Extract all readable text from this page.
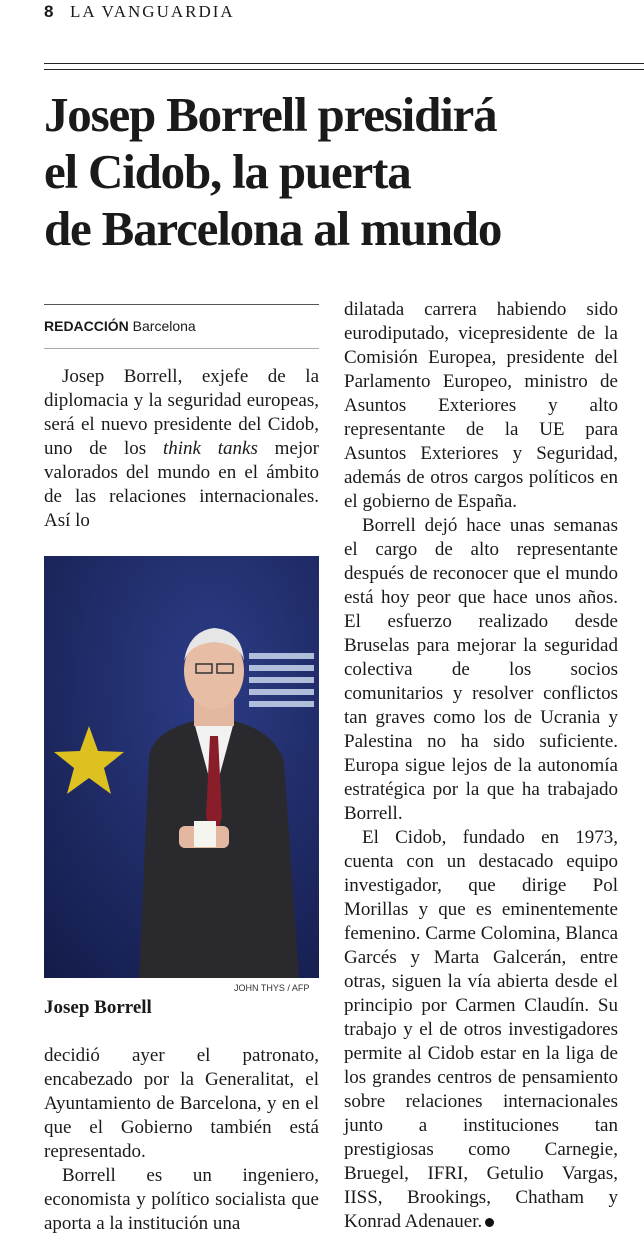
8 LA VANGUARDIA
Josep Borrell presidirá
el Cidob, la puerta
de Barcelona al mundo
REDACCIÓN Barcelona

Josep Borrell, exjefe de la diplomacia y la seguridad europeas, será el nuevo presidente del Cidob, uno de los think tanks mejor valorados del mundo en el ámbito de las relaciones internacionales. Así lo

JOHN THYS / AFP
Josep Borrell

decidió ayer el patronato, encabezado por la Generalitat, el Ayuntamiento de Barcelona, y en el que el Gobierno también está representado.

Borrell es un ingeniero, economista y político socialista que aporta a la institución una

dilatada carrera habiendo sido eurodiputado, vicepresidente de la Comisión Europea, presidente del Parlamento Europeo, ministro de Asuntos Exteriores y alto representante de la UE para Asuntos Exteriores y Seguridad, además de otros cargos políticos en el gobierno de España.

Borrell dejó hace unas semanas el cargo de alto representante después de reconocer que el mundo está hoy peor que hace unos años. El esfuerzo realizado desde Bruselas para mejorar la seguridad colectiva de los socios comunitarios y resolver conflictos tan graves como los de Ucrania y Palestina no ha sido suficiente. Europa sigue lejos de la autonomía estratégica por la que ha trabajado Borrell.

El Cidob, fundado en 1973, cuenta con un destacado equipo investigador, que dirige Pol Morillas y que es eminentemente femenino. Carme Colomina, Blanca Garcés y Marta Galcerán, entre otras, siguen la vía abierta desde el principio por Carmen Claudín. Su trabajo y el de otros investigadores permite al Cidob estar en la liga de los grandes centros de pensamiento sobre relaciones internacionales junto a instituciones tan prestigiosas como Carnegie, Bruegel, IFRI, Getulio Vargas, IISS, Brookings, Chatham y Konrad Adenauer.
